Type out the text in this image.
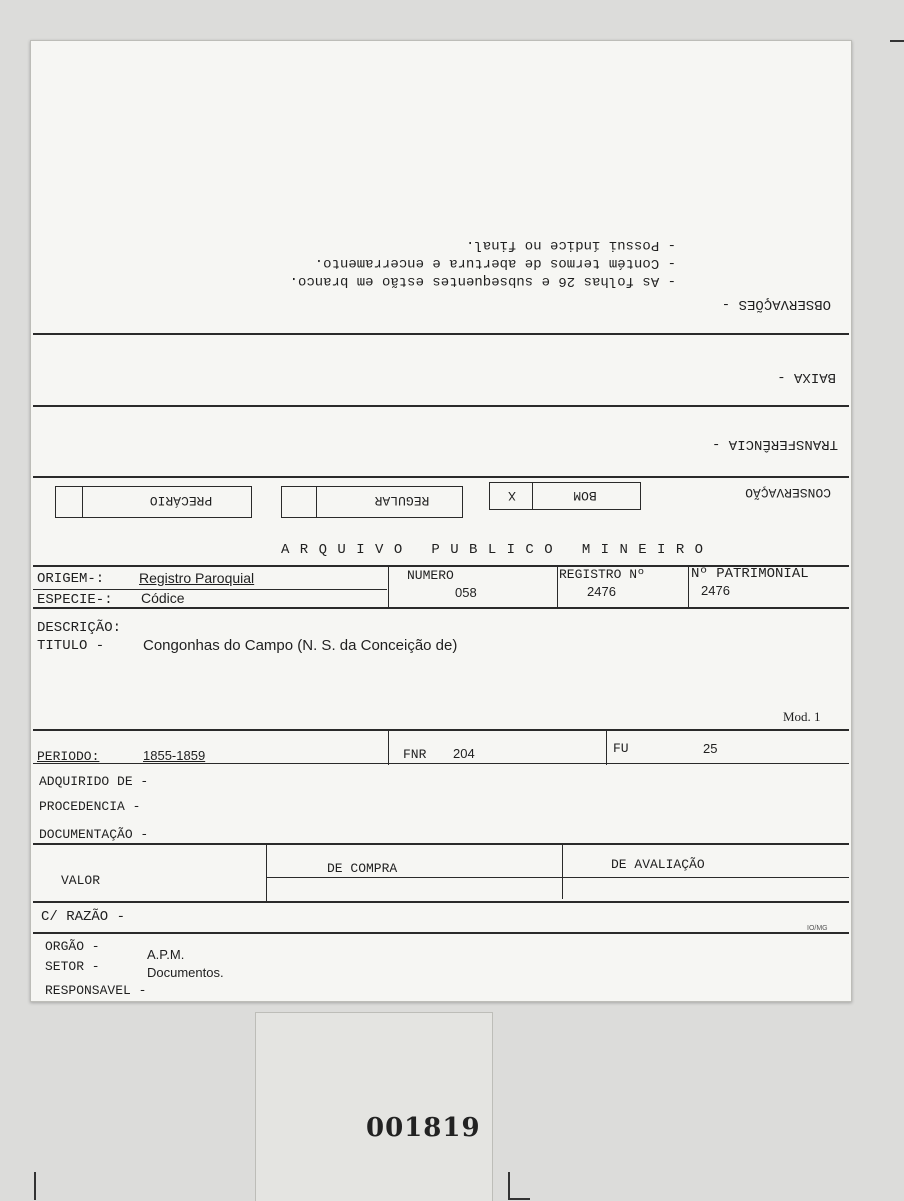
- Possui índice no final.
- Contém termos de abertura e encerramento.
- As folhas 26 e subsequentes estão em branco.
OBSERVAÇÕES -
BAIXA -
TRANSFERÊNCIA -
CONSERVAÇÃO
X	BOM
REGULAR
PRECÁRIO
A R Q U I V O   P U B L I C O   M I N E I R O
ORIGEM-: Registro Paroquial
ESPECIE-: Códice
NUMERO
058
REGISTRO Nº
2476
Nº PATRIMONIAL
2476
DESCRIÇÃO:
TITULO -	Congonhas do Campo (N. S. da Conceição de)
Mod. 1
PERIODO:	1855-1859	FNR 204	FU	25
ADQUIRIDO DE -
PROCEDENCIA -
DOCUMENTAÇÃO -
VALOR
DE COMPRA	DE AVALIAÇÃO
C/ RAZÃO -
IO/MG
ORGÃO -
A.P.M.
SETOR -	Documentos.
RESPONSAVEL -
001819
